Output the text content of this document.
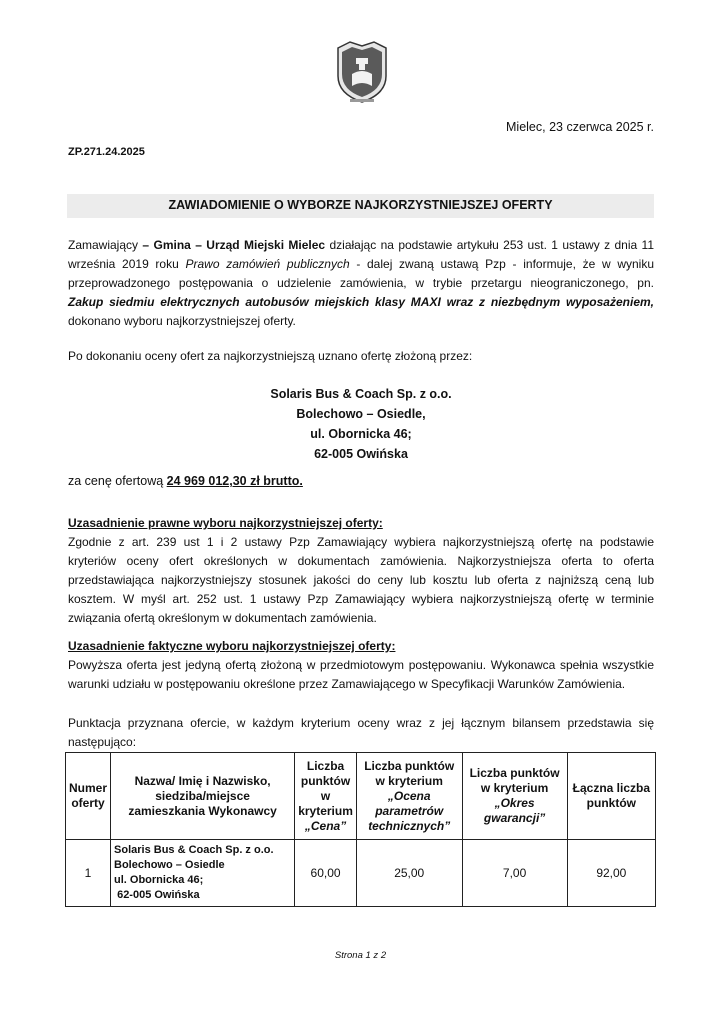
Mielec, 23 czerwca 2025 r.
ZP.271.24.2025
ZAWIADOMIENIE O WYBORZE NAJKORZYSTNIEJSZEJ OFERTY
Zamawiający – Gmina – Urząd Miejski Mielec działając na podstawie artykułu 253 ust. 1 ustawy z dnia 11
września 2019 roku Prawo zamówień publicznych - dalej zwaną ustawą Pzp - informuje, że w wyniku
przeprowadzonego postępowania o udzielenie zamówienia, w trybie przetargu nieograniczonego, pn.
Zakup siedmiu elektrycznych autobusów miejskich klasy MAXI wraz z niezbędnym wyposażeniem,
dokonano wyboru najkorzystniejszej oferty.
Po dokonaniu oceny ofert za najkorzystniejszą uznano ofertę złożoną przez:
Solaris Bus & Coach Sp. z o.o.
Bolechowo – Osiedle,
ul. Obornicka 46;
62-005 Owińska
za cenę ofertową 24 969 012,30 zł brutto.
Uzasadnienie prawne wyboru najkorzystniejszej oferty:
Zgodnie z art. 239 ust 1 i 2 ustawy Pzp Zamawiający wybiera najkorzystniejszą ofertę na podstawie
kryteriów oceny ofert określonych w dokumentach zamówienia. Najkorzystniejsza oferta to oferta
przedstawiająca najkorzystniejszy stosunek jakości do ceny lub kosztu lub oferta z najniższą ceną lub
kosztem. W myśl art. 252 ust. 1 ustawy Pzp Zamawiający wybiera najkorzystniejszą ofertę w terminie
związania ofertą określonym w dokumentach zamówienia.
Uzasadnienie faktyczne wyboru najkorzystniejszej oferty:
Powyższa oferta jest jedyną ofertą złożoną w przedmiotowym postępowaniu. Wykonawca spełnia wszystkie
warunki udziału w postępowaniu określone przez Zamawiającego w Specyfikacji Warunków Zamówienia.
Punktacja przyznana ofercie, w każdym kryterium oceny wraz z jej łącznym bilansem przedstawia się
następująco:
Numer
oferty	Nazwa/ Imię i Nazwisko,
siedziba/miejsce
zamieszkania Wykonawcy	Liczba
punktów
w
kryterium
„Cena”	Liczba punktów
w kryterium
„Ocena
parametrów
technicznych”	Liczba punktów
w kryterium
„Okres gwarancji”	Łączna liczba
punktów

1	Solaris Bus & Coach Sp. z o.o.
Bolechowo – Osiedle
ul. Obornicka 46;
62-005 Owińska	60,00	25,00	7,00	92,00
Strona 1 z 2
